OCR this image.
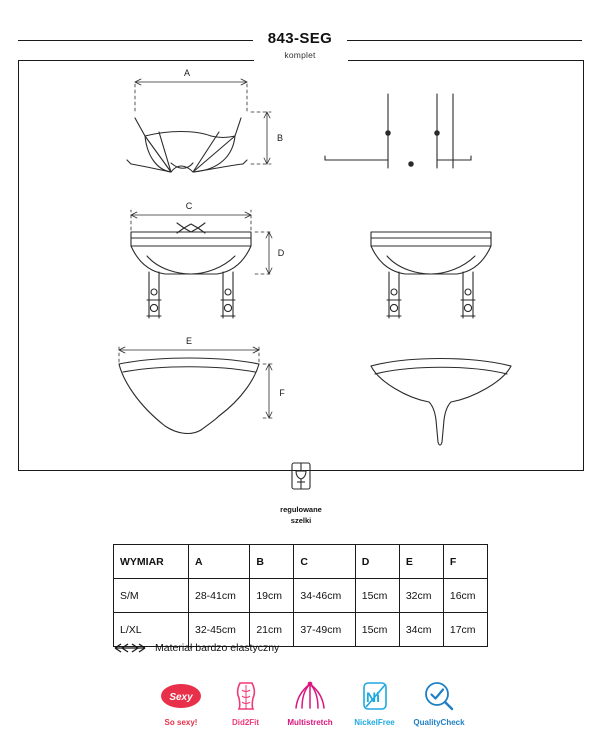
843-SEG
komplet
A
B
C
D
E
F
regulowane
szelki
WYMIAR	A	B	C	D	E	F
S/M	28-41cm	19cm	34-46cm	15cm	32cm	16cm
L/XL	32-45cm	21cm	37-49cm	15cm	34cm	17cm
Materiał bardzo elastyczny
Sexy
So sexy!	Did2Fit	Multistretch
Ni
NickelFree	QualityCheck
